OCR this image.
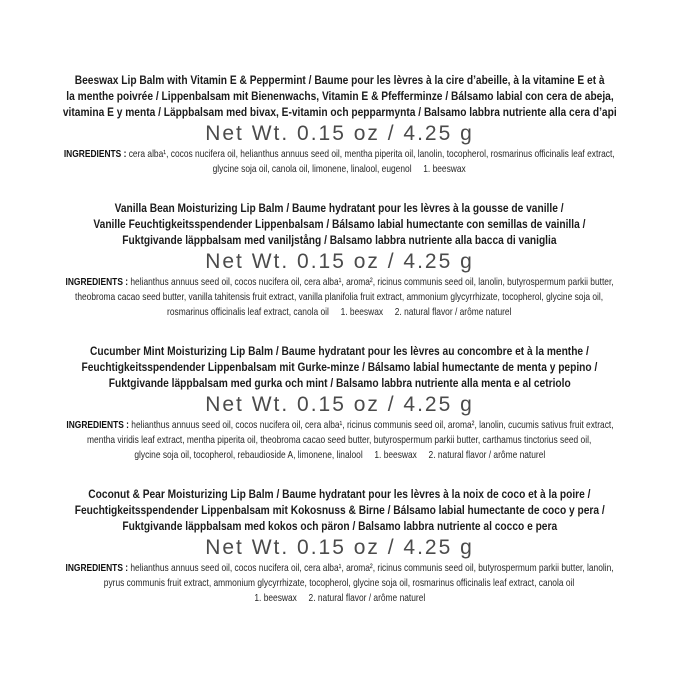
Beeswax Lip Balm with Vitamin E & Peppermint / Baume pour les lèvres à la cire d’abeille, à la vitamine E et à
la menthe poivrée / Lippenbalsam mit Bienenwachs, Vitamin E & Pfefferminze / Bálsamo labial con cera de abeja,
vitamina E y menta / Läppbalsam med bivax, E-vitamin och pepparmynta / Balsamo labbra nutriente alla cera d’api
Net Wt. 0.15 oz / 4.25 g
INGREDIENTS : cera alba¹, cocos nucifera oil, helianthus annuus seed oil, mentha piperita oil, lanolin, tocopherol, rosmarinus officinalis leaf extract,
glycine soja oil, canola oil, limonene, linalool, eugenol     1. beeswax
Vanilla Bean Moisturizing Lip Balm / Baume hydratant pour les lèvres à la gousse de vanille /
Vanille Feuchtigkeitsspendender Lippenbalsam / Bálsamo labial humectante con semillas de vainilla /
Fuktgivande läppbalsam med vaniljstång / Balsamo labbra nutriente alla bacca di vaniglia
Net Wt. 0.15 oz / 4.25 g
INGREDIENTS : helianthus annuus seed oil, cocos nucifera oil, cera alba¹, aroma², ricinus communis seed oil, lanolin, butyrospermum parkii butter,
theobroma cacao seed butter, vanilla tahitensis fruit extract, vanilla planifolia fruit extract, ammonium glycyrrhizate, tocopherol, glycine soja oil,
rosmarinus officinalis leaf extract, canola oil     1. beeswax     2. natural flavor / arôme naturel
Cucumber Mint Moisturizing Lip Balm / Baume hydratant pour les lèvres au concombre et à la menthe /
Feuchtigkeitsspendender Lippenbalsam mit Gurke-minze / Bálsamo labial humectante de menta y pepino /
Fuktgivande läppbalsam med gurka och mint / Balsamo labbra nutriente alla menta e al cetriolo
Net Wt. 0.15 oz / 4.25 g
INGREDIENTS : helianthus annuus seed oil, cocos nucifera oil, cera alba¹, ricinus communis seed oil, aroma², lanolin, cucumis sativus fruit extract,
mentha viridis leaf extract, mentha piperita oil, theobroma cacao seed butter, butyrospermum parkii butter, carthamus tinctorius seed oil,
glycine soja oil, tocopherol, rebaudioside A, limonene, linalool     1. beeswax     2. natural flavor / arôme naturel
Coconut & Pear Moisturizing Lip Balm / Baume hydratant pour les lèvres à la noix de coco et à la poire /
Feuchtigkeitsspendender Lippenbalsam mit Kokosnuss & Birne / Bálsamo labial humectante de coco y pera /
Fuktgivande läppbalsam med kokos och päron / Balsamo labbra nutriente al cocco e pera
Net Wt. 0.15 oz / 4.25 g
INGREDIENTS : helianthus annuus seed oil, cocos nucifera oil, cera alba¹, aroma², ricinus communis seed oil, butyrospermum parkii butter, lanolin,
pyrus communis fruit extract, ammonium glycyrrhizate, tocopherol, glycine soja oil, rosmarinus officinalis leaf extract, canola oil
1. beeswax     2. natural flavor / arôme naturel
